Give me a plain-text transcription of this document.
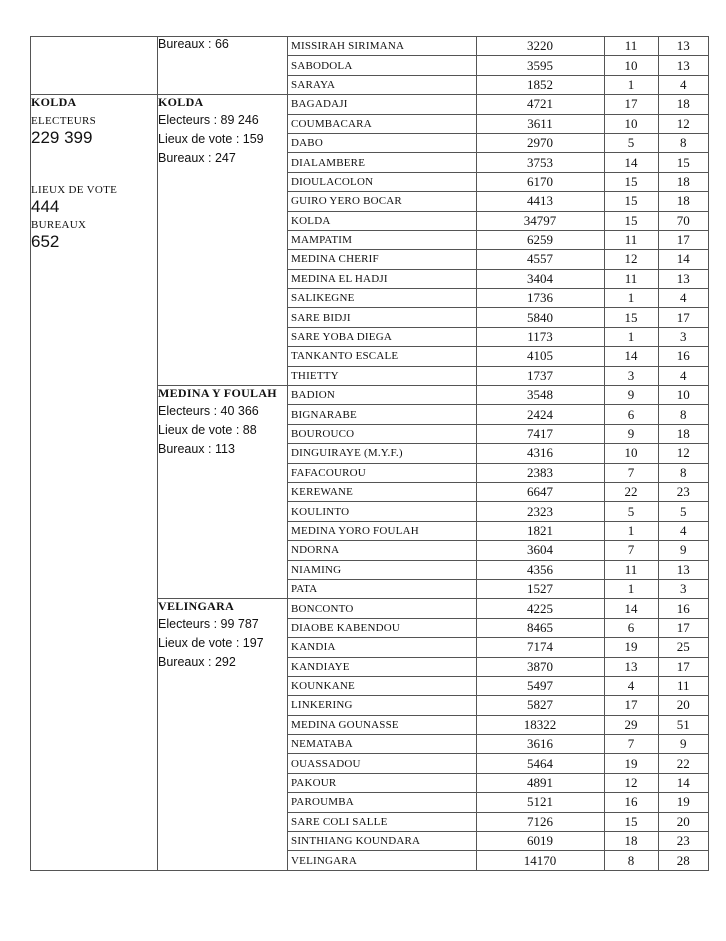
Bureaux : 66
		MISSIRAH SIRIMANA	3220	11	13
SABODOLA	3595	10	13
SARAYA	1852	1	4

KOLDA
ELECTEURS
229 399
LIEUX DE VOTE
444
BUREAUX
652

KOLDA
Electeurs : 89 246
Lieux de vote : 159
Bureaux : 247

BAGADAJI	4721	17	18
COUMBACARA	3611	10	12
DABO	2970	5	8
DIALAMBERE	3753	14	15
DIOULACOLON	6170	15	18
GUIRO YERO BOCAR	4413	15	18
KOLDA	34797	15	70
MAMPATIM	6259	11	17
MEDINA CHERIF	4557	12	14
MEDINA EL HADJI	3404	11	13
SALIKEGNE	1736	1	4
SARE BIDJI	5840	15	17
SARE YOBA DIEGA	1173	1	3
TANKANTO ESCALE	4105	14	16
THIETTY	1737	3	4

MEDINA Y FOULAH
Electeurs : 40 366
Lieux de vote : 88
Bureaux : 113

BADION	3548	9	10
BIGNARABE	2424	6	8
BOUROUCO	7417	9	18
DINGUIRAYE (M.Y.F.)	4316	10	12
FAFACOUROU	2383	7	8
KEREWANE	6647	22	23
KOULINTO	2323	5	5
MEDINA YORO FOULAH	1821	1	4
NDORNA	3604	7	9
NIAMING	4356	11	13
PATA	1527	1	3

VELINGARA
Electeurs : 99 787
Lieux de vote : 197
Bureaux : 292

BONCONTO	4225	14	16
DIAOBE KABENDOU	8465	6	17
KANDIA	7174	19	25
KANDIAYE	3870	13	17
KOUNKANE	5497	4	11
LINKERING	5827	17	20
MEDINA GOUNASSE	18322	29	51
NEMATABA	3616	7	9
OUASSADOU	5464	19	22
PAKOUR	4891	12	14
PAROUMBA	5121	16	19
SARE COLI SALLE	7126	15	20
SINTHIANG KOUNDARA	6019	18	23
VELINGARA	14170	8	28
